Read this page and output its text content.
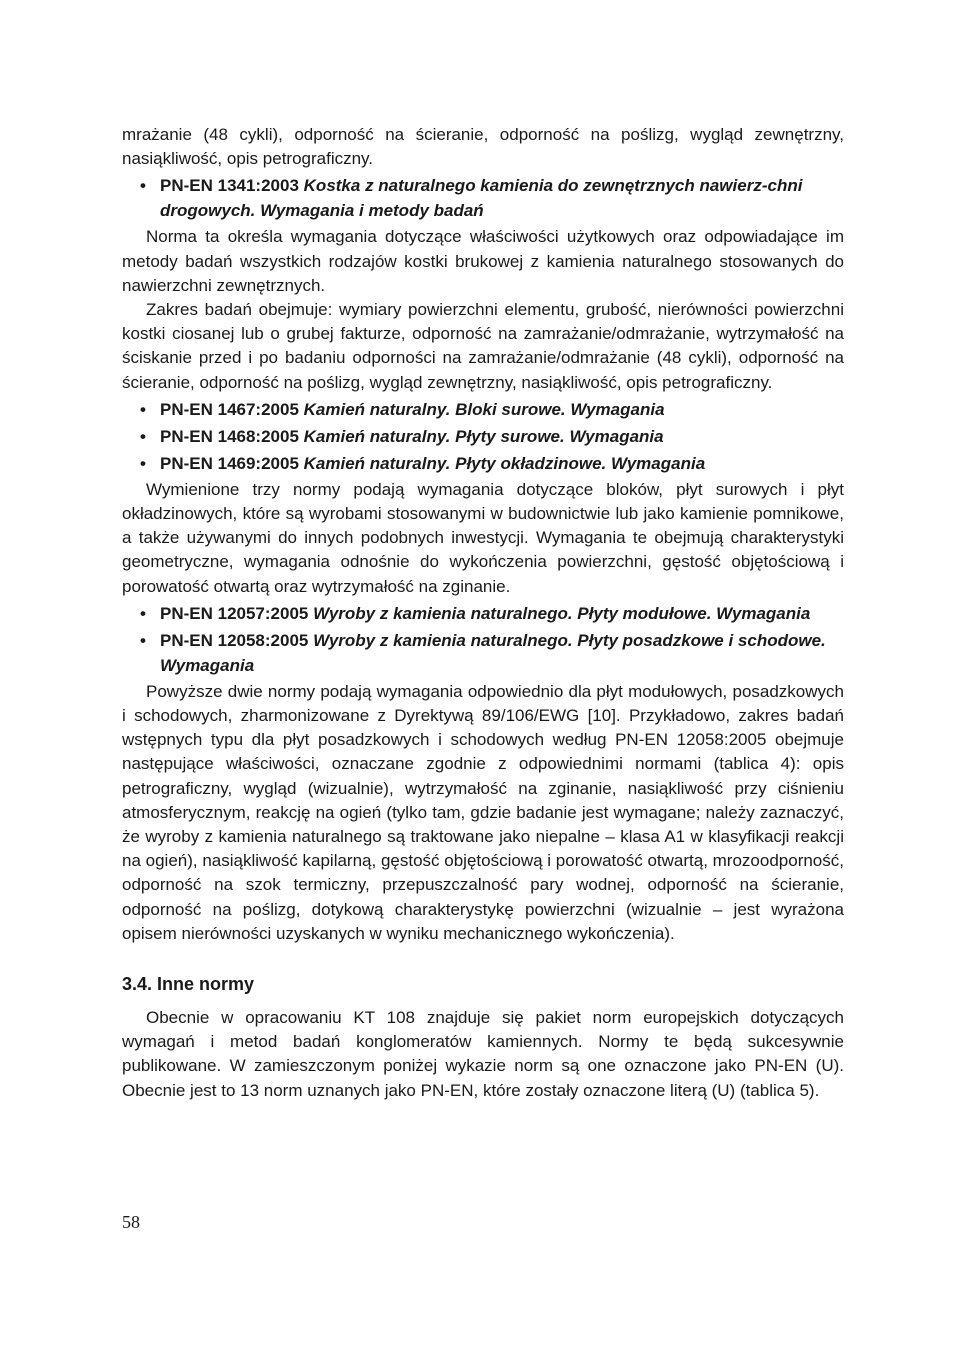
mrażanie (48 cykli), odporność na ścieranie, odporność na poślizg, wygląd zewnętrzny, nasiąkliwość, opis petrograficzny.

• PN-EN 1341:2003 Kostka z naturalnego kamienia do zewnętrznych nawierz-chni drogowych. Wymagania i metody badań

Norma ta określa wymagania dotyczące właściwości użytkowych oraz odpowiadające im metody badań wszystkich rodzajów kostki brukowej z kamienia naturalnego stosowanych do nawierzchni zewnętrznych.

Zakres badań obejmuje: wymiary powierzchni elementu, grubość, nierówności powierzchni kostki ciosanej lub o grubej fakturze, odporność na zamrażanie/odmrażanie, wytrzymałość na ściskanie przed i po badaniu odporności na zamrażanie/odmrażanie (48 cykli), odporność na ścieranie, odporność na poślizg, wygląd zewnętrzny, nasiąkliwość, opis petrograficzny.

• PN-EN 1467:2005 Kamień naturalny. Bloki surowe. Wymagania
• PN-EN 1468:2005 Kamień naturalny. Płyty surowe. Wymagania
• PN-EN 1469:2005 Kamień naturalny. Płyty okładzinowe. Wymagania

Wymienione trzy normy podają wymagania dotyczące bloków, płyt surowych i płyt okładzinowych, które są wyrobami stosowanymi w budownictwie lub jako kamienie pomnikowe, a także używanymi do innych podobnych inwestycji. Wymagania te obejmują charakterystyki geometryczne, wymagania odnośnie do wykończenia powierzchni, gęstość objętościową i porowatość otwartą oraz wytrzymałość na zginanie.

• PN-EN 12057:2005 Wyroby z kamienia naturalnego. Płyty modułowe. Wymagania
• PN-EN 12058:2005 Wyroby z kamienia naturalnego. Płyty posadzkowe i schodowe. Wymagania

Powyższe dwie normy podają wymagania odpowiednio dla płyt modułowych, posadzkowych i schodowych, zharmonizowane z Dyrektywą 89/106/EWG [10]. Przykładowo, zakres badań wstępnych typu dla płyt posadzkowych i schodowych według PN-EN 12058:2005 obejmuje następujące właściwości, oznaczane zgodnie z odpowiednimi normami (tablica 4): opis petrograficzny, wygląd (wizualnie), wytrzymałość na zginanie, nasiąkliwość przy ciśnieniu atmosferycznym, reakcję na ogień (tylko tam, gdzie badanie jest wymagane; należy zaznaczyć, że wyroby z kamienia naturalnego są traktowane jako niepalne – klasa A1 w klasyfikacji reakcji na ogień), nasiąkliwość kapilarną, gęstość objętościową i porowatość otwartą, mrozoodporność, odporność na szok termiczny, przepuszczalność pary wodnej, odporność na ścieranie, odporność na poślizg, dotykową charakterystykę powierzchni (wizualnie – jest wyrażona opisem nierówności uzyskanych w wyniku mechanicznego wykończenia).

3.4. Inne normy

Obecnie w opracowaniu KT 108 znajduje się pakiet norm europejskich dotyczących wymagań i metod badań konglomeratów kamiennych. Normy te będą sukcesywnie publikowane. W zamieszczonym poniżej wykazie norm są one oznaczone jako PN-EN (U). Obecnie jest to 13 norm uznanych jako PN-EN, które zostały oznaczone literą (U) (tablica 5).

58
